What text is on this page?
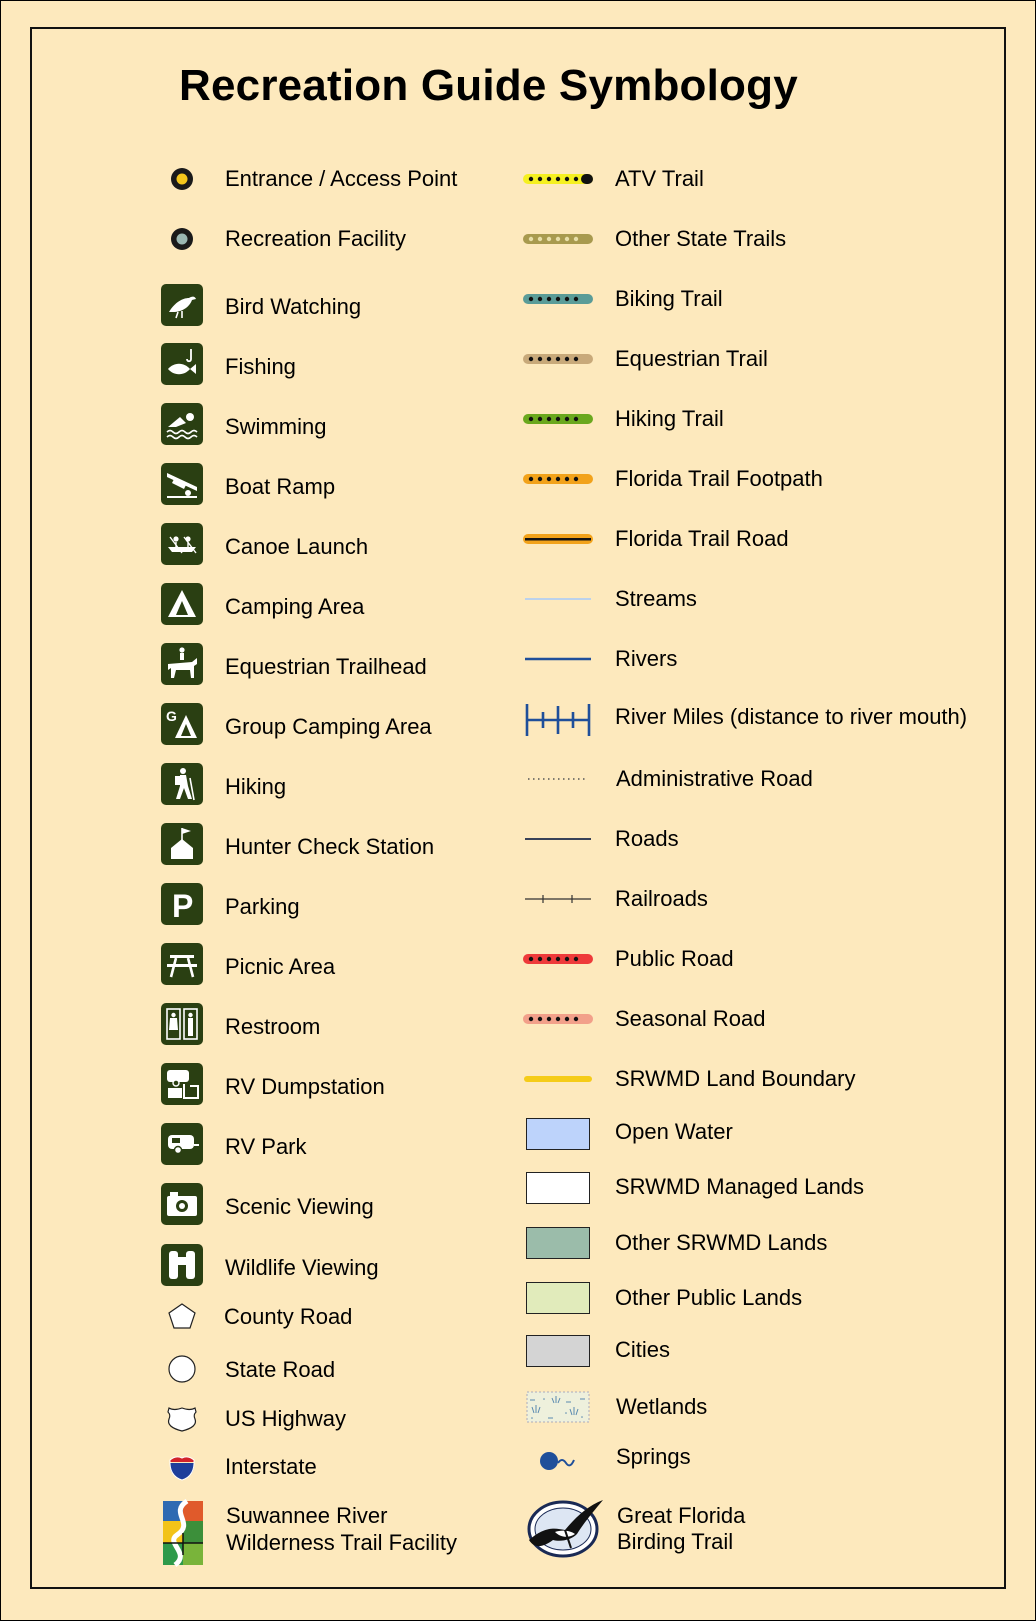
Recreation Guide Symbology
Entrance / Access Point
Recreation Facility
Bird Watching
Fishing
Swimming
Boat Ramp
Canoe Launch
Camping Area
Equestrian Trailhead
G Group Camping Area
Hiking
Hunter Check Station
P Parking
Picnic Area
Restroom
RV Dumpstation
RV Park
Scenic Viewing
Wildlife Viewing
County Road
State Road
US Highway
Interstate
Suwannee River
Wilderness Trail Facility
ATV Trail
Other State Trails
Biking Trail
Equestrian Trail
Hiking Trail
Florida Trail Footpath
Florida Trail Road
Streams
Rivers
River Miles (distance to river mouth)
Administrative Road
Roads
Railroads
Public Road
Seasonal Road
SRWMD Land Boundary
Open Water
SRWMD Managed Lands
Other SRWMD Lands
Other Public Lands
Cities
Wetlands
Springs
Great Florida
Birding Trail
